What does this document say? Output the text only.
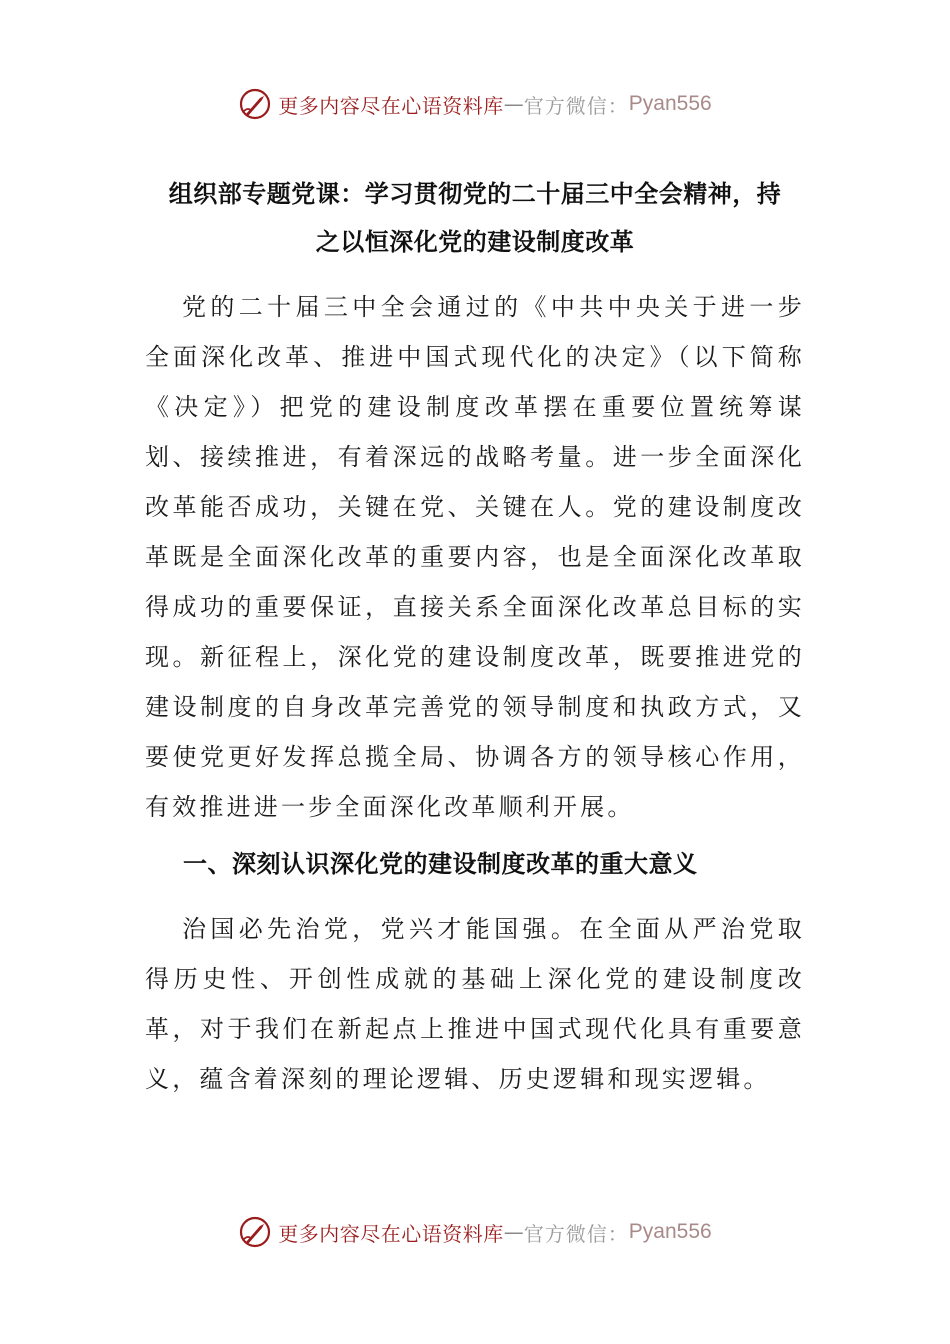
更多内容尽在心语资料库 — 官方微信： Pyan556
组织部专题党课：学习贯彻党的二十届三中全会精神，持
之以恒深化党的建设制度改革

党的二十届三中全会通过的《中共中央关于进一步全面深化改革、推进中国式现代化的决定》（以下简称《决定》）把党的建设制度改革摆在重要位置统筹谋划、接续推进，有着深远的战略考量。进一步全面深化改革能否成功，关键在党、关键在人。党的建设制度改革既是全面深化改革的重要内容，也是全面深化改革取得成功的重要保证，直接关系全面深化改革总目标的实现。新征程上，深化党的建设制度改革，既要推进党的建设制度的自身改革完善党的领导制度和执政方式，又要使党更好发挥总揽全局、协调各方的领导核心作用，有效推进进一步全面深化改革顺利开展。

一、深刻认识深化党的建设制度改革的重大意义

治国必先治党，党兴才能国强。在全面从严治党取得历史性、开创性成就的基础上深化党的建设制度改革，对于我们在新起点上推进中国式现代化具有重要意义，蕴含着深刻的理论逻辑、历史逻辑和现实逻辑。

更多内容尽在心语资料库 — 官方微信： Pyan556
